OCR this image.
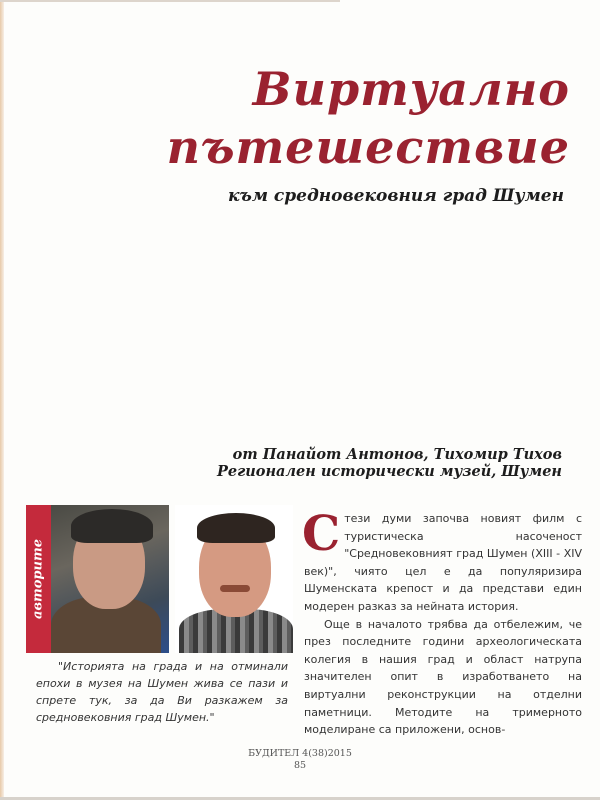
Виртуално
пътешествие
към средновековния град Шумен
от Панайот Антонов, Тихомир Тихов
Регионален исторически музей, Шумен
авторите
"Историята на града и на отминали епохи в музея на Шумен жива се пази и спрете тук, за да Ви разкажем за средновековния град Шумен."

Стези думи започва новият филм с туристическа насоченост "Средновековният град Шумен (XIII - XIV век)", чиято цел е да популяризира Шуменската крепост и да представи един модерен разказ за нейната история.

Още в началото трябва да отбележим, че през последните години археологическата колегия в нашия град и област натрупа значителен опит в изработването на виртуални реконструкции на отделни паметници. Методите на тримерното моделиране са приложени, основ-

БУДИТЕЛ 4(38)2015
85
